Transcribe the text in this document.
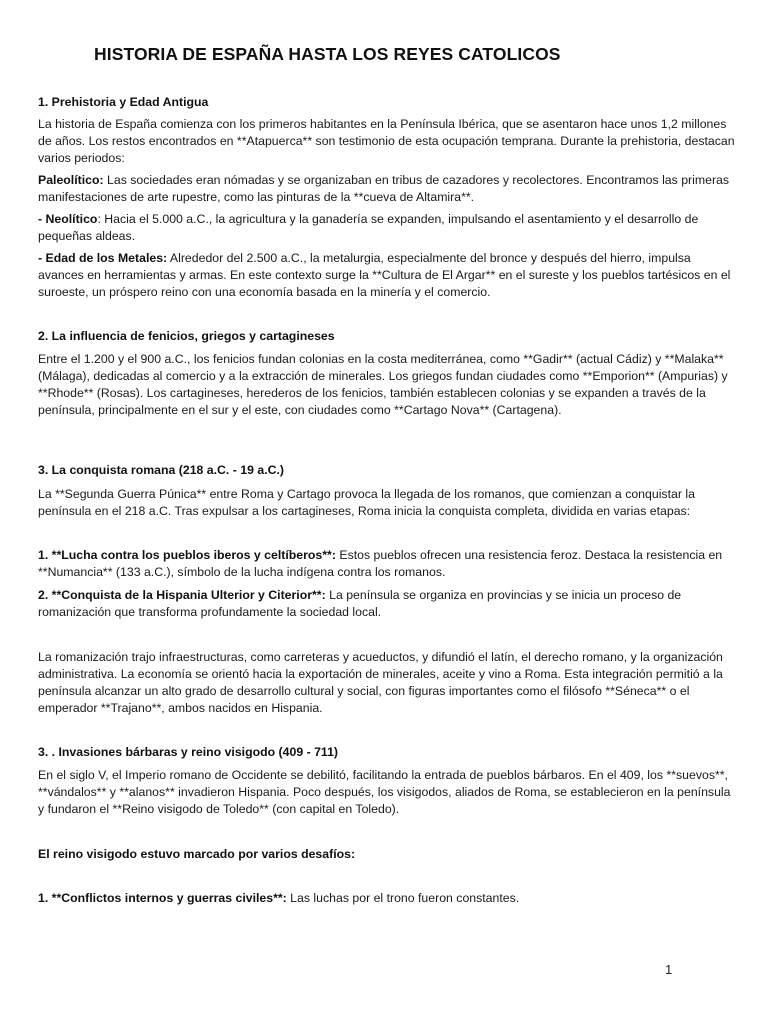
HISTORIA DE ESPAÑA HASTA LOS REYES CATOLICOS
1. Prehistoria y Edad Antigua
La historia de España comienza con los primeros habitantes en la Península Ibérica, que se asentaron hace unos 1,2 millones de años. Los restos encontrados en **Atapuerca** son testimonio de esta ocupación temprana. Durante la prehistoria, destacan varios periodos:
Paleolítico: Las sociedades eran nómadas y se organizaban en tribus de cazadores y recolectores. Encontramos las primeras manifestaciones de arte rupestre, como las pinturas de la **cueva de Altamira**.
- Neolítico: Hacia el 5.000 a.C., la agricultura y la ganadería se expanden, impulsando el asentamiento y el desarrollo de pequeñas aldeas.
- Edad de los Metales: Alrededor del 2.500 a.C., la metalurgia, especialmente del bronce y después del hierro, impulsa avances en herramientas y armas. En este contexto surge la **Cultura de El Argar** en el sureste y los pueblos tartésicos en el suroeste, un próspero reino con una economía basada en la minería y el comercio.
2. La influencia de fenicios, griegos y cartagineses
Entre el 1.200 y el 900 a.C., los fenicios fundan colonias en la costa mediterránea, como **Gadir** (actual Cádiz) y **Malaka** (Málaga), dedicadas al comercio y a la extracción de minerales. Los griegos fundan ciudades como **Emporion** (Ampurias) y **Rhode** (Rosas). Los cartagineses, herederos de los fenicios, también establecen colonias y se expanden a través de la península, principalmente en el sur y el este, con ciudades como **Cartago Nova** (Cartagena).
3. La conquista romana (218 a.C. - 19 a.C.)
La **Segunda Guerra Púnica** entre Roma y Cartago provoca la llegada de los romanos, que comienzan a conquistar la península en el 218 a.C. Tras expulsar a los cartagineses, Roma inicia la conquista completa, dividida en varias etapas:
1. **Lucha contra los pueblos iberos y celtíberos**: Estos pueblos ofrecen una resistencia feroz. Destaca la resistencia en **Numancia** (133 a.C.), símbolo de la lucha indígena contra los romanos.
2. **Conquista de la Hispania Ulterior y Citerior**: La península se organiza en provincias y se inicia un proceso de romanización que transforma profundamente la sociedad local.
La romanización trajo infraestructuras, como carreteras y acueductos, y difundió el latín, el derecho romano, y la organización administrativa. La economía se orientó hacia la exportación de minerales, aceite y vino a Roma. Esta integración permitió a la península alcanzar un alto grado de desarrollo cultural y social, con figuras importantes como el filósofo **Séneca** o el emperador **Trajano**, ambos nacidos en Hispania.
3. . Invasiones bárbaras y reino visigodo (409 - 711)
En el siglo V, el Imperio romano de Occidente se debilitó, facilitando la entrada de pueblos bárbaros. En el 409, los **suevos**, **vándalos** y **alanos** invadieron Hispania. Poco después, los visigodos, aliados de Roma, se establecieron en la península y fundaron el **Reino visigodo de Toledo** (con capital en Toledo).
El reino visigodo estuvo marcado por varios desafíos:
1. **Conflictos internos y guerras civiles**: Las luchas por el trono fueron constantes.
1
